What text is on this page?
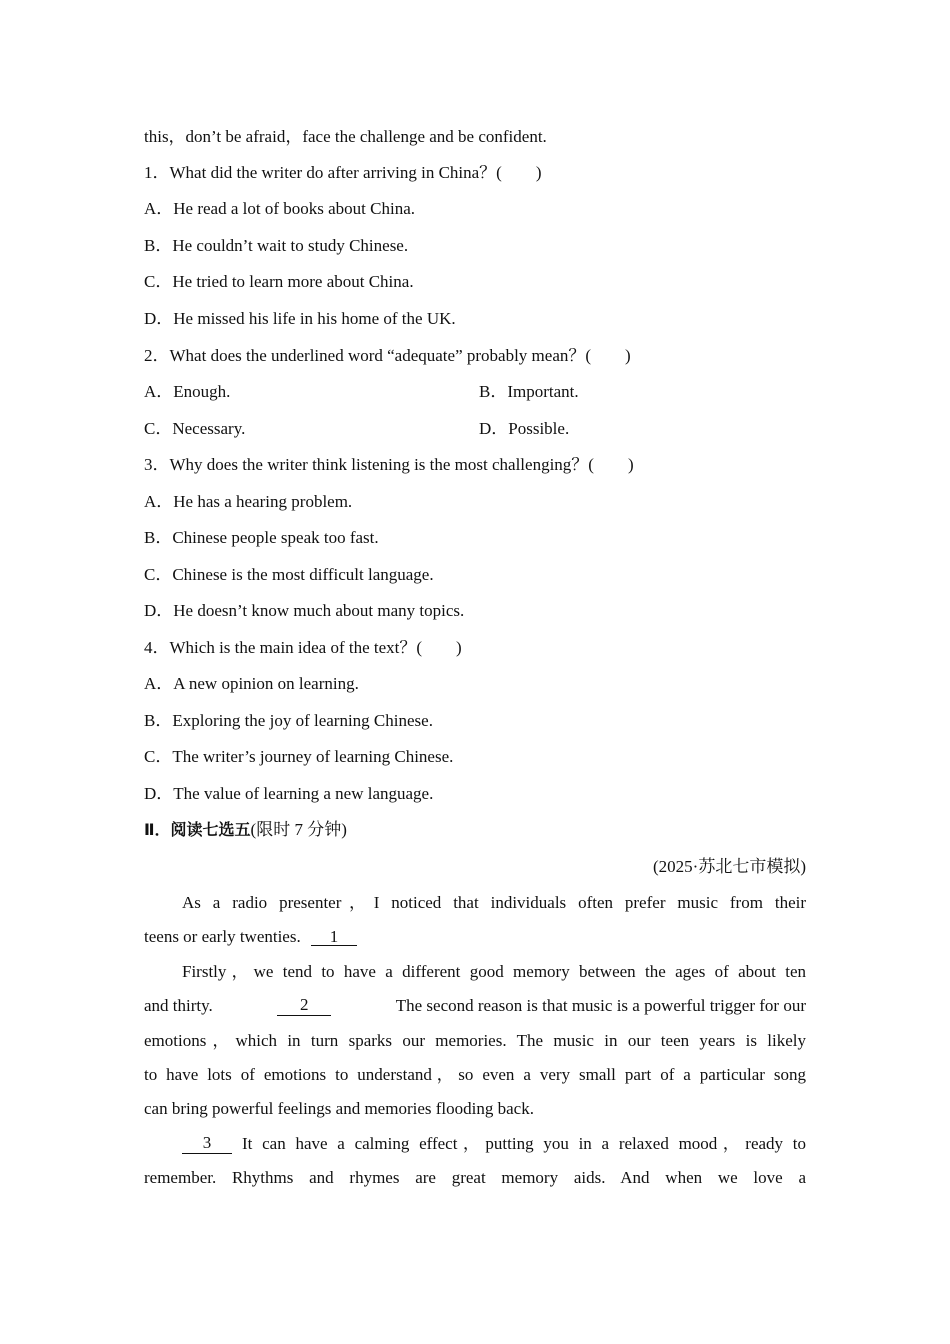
this，don’t be afraid，face the challenge and be confident.
1．What did the writer do after arriving in China？(　　)
A．He read a lot of books about China.
B．He couldn’t wait to study Chinese.
C．He tried to learn more about China.
D．He missed his life in his home of the UK.
2．What does the underlined word “adequate” probably mean？(　　)
A．Enough.	B．Important.
C．Necessary.	D．Possible.
3．Why does the writer think listening is the most challenging？(　　)
A．He has a hearing problem.
B．Chinese people speak too fast.
C．Chinese is the most difficult language.
D．He doesn’t know much about many topics.
4．Which is the main idea of the text？(　　)
A．A new opinion on learning.
B．Exploring the joy of learning Chinese.
C．The writer’s journey of learning Chinese.
D．The value of learning a new language.
Ⅱ．阅读七选五(限时 7 分钟)
(2025·苏北七市模拟)
As a radio presenter，I noticed that individuals often prefer music from their
teens or early twenties. 1
Firstly，we tend to have a different good memory between the ages of about ten
and thirty.	2	The second reason is that music is a powerful trigger for our
emotions，which in turn sparks our memories. The music in our teen years is likely
to have lots of emotions to understand，so even a very small part of a particular song
can bring powerful feelings and memories flooding back.
3	It can have a calming effect，putting you in a relaxed mood，ready to
remember. Rhythms and rhymes are great memory aids. And when we love a
